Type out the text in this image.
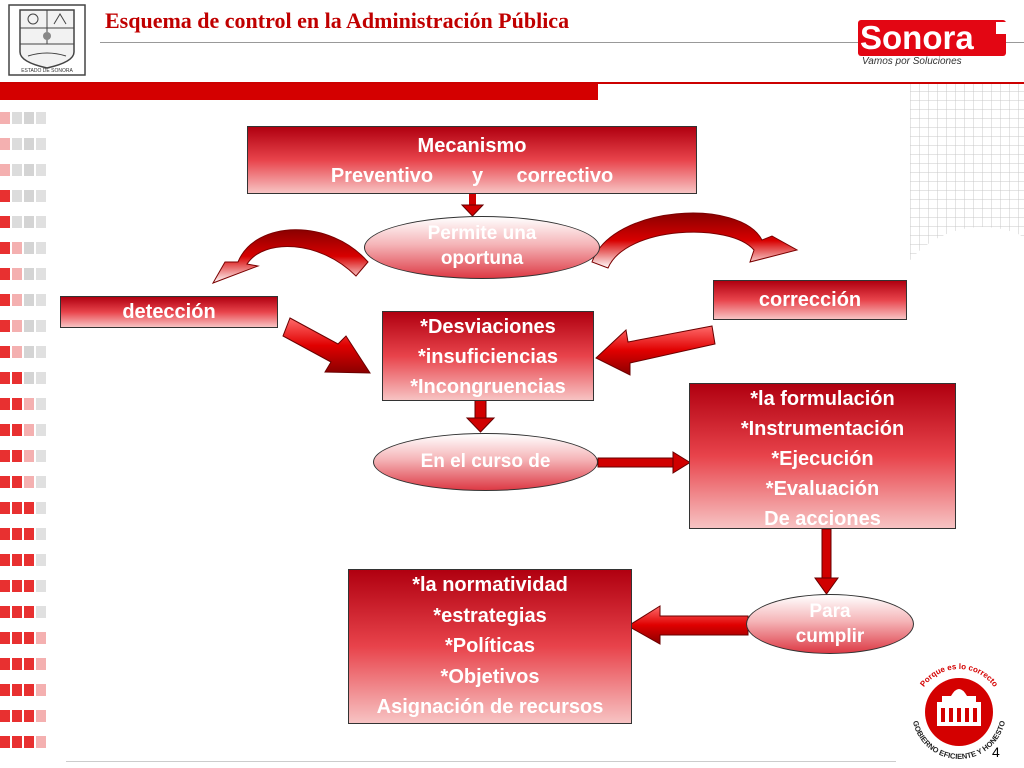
ESTADO DE SONORA
Esquema de control en la Administración Pública	Sonora
Vamos por Soluciones
Mecanismo
Preventivo       y      correctivo
Permite una
oportuna
detección
corrección
*Desviaciones
*insuficiencias
*Incongruencias
En el curso de
*la formulación
*Instrumentación
*Ejecución
*Evaluación
De acciones
Para
cumplir
*la normatividad
*estrategias
*Políticas
*Objetivos
Asignación de recursos
Porque es lo correcto
GOBIERNO EFICIENTE Y HONESTO
4
